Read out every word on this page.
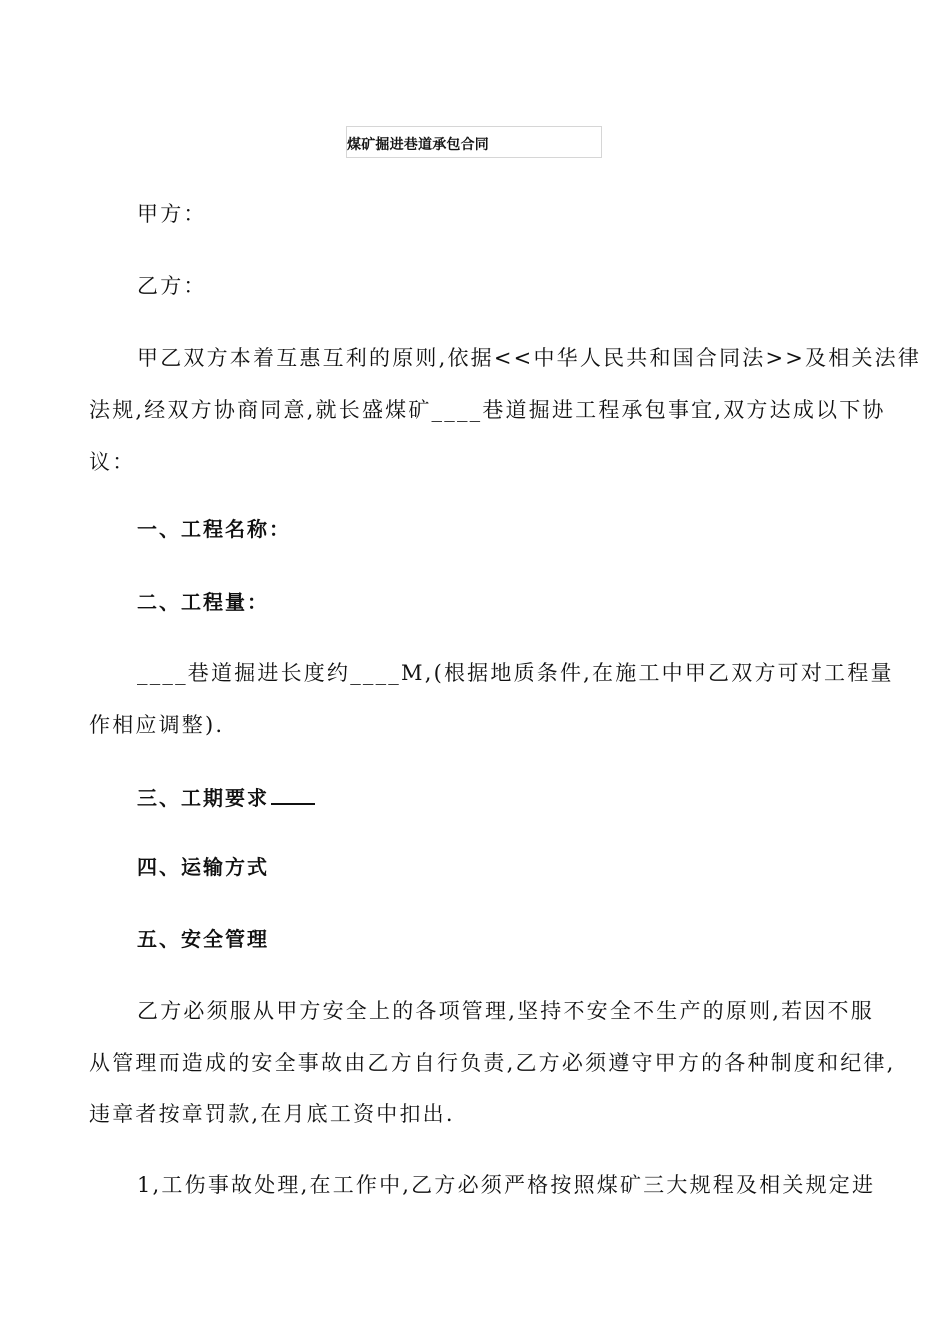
煤矿掘进巷道承包合同
甲方：
乙方：
甲乙双方本着互惠互利的原则,依据<<中华人民共和国合同法>>及相关法律
法规,经双方协商同意,就长盛煤矿____巷道掘进工程承包事宜,双方达成以下协
议：
一、工程名称：
二、工程量：
____巷道掘进长度约____M,(根据地质条件,在施工中甲乙双方可对工程量
作相应调整).
三、工期要求
四、运输方式
五、安全管理
乙方必须服从甲方安全上的各项管理,坚持不安全不生产的原则,若因不服
从管理而造成的安全事故由乙方自行负责,乙方必须遵守甲方的各种制度和纪律,
违章者按章罚款,在月底工资中扣出.
1,工伤事故处理,在工作中,乙方必须严格按照煤矿三大规程及相关规定进
